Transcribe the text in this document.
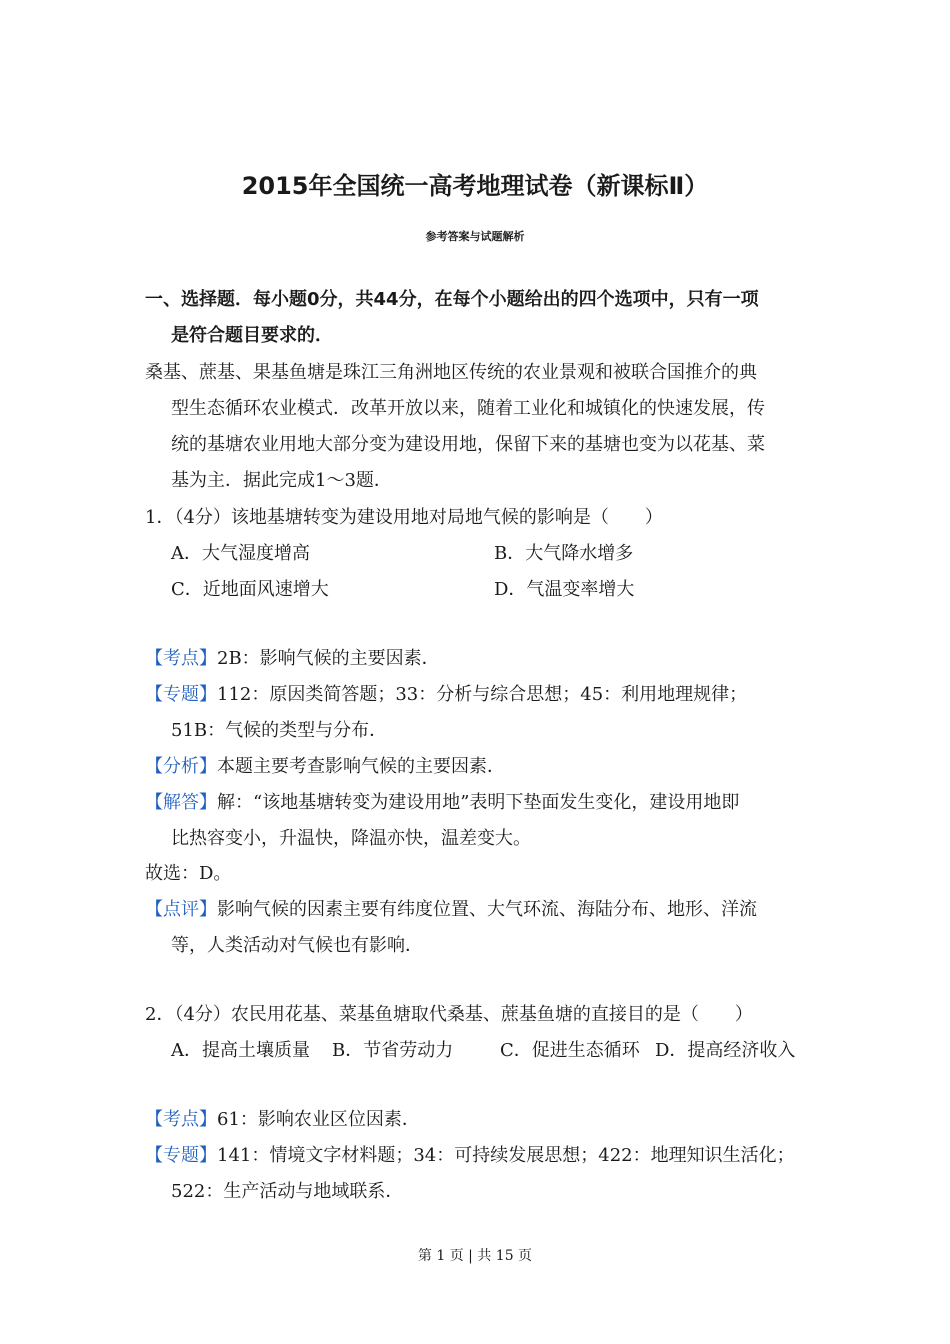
2015年全国统一高考地理试卷（新课标Ⅱ）
参考答案与试题解析
一、选择题．每小题0分，共44分，在每个小题给出的四个选项中，只有一项
是符合题目要求的．
桑基、蔗基、果基鱼塘是珠江三角洲地区传统的农业景观和被联合国推介的典
型生态循环农业模式．改革开放以来，随着工业化和城镇化的快速发展，传
统的基塘农业用地大部分变为建设用地，保留下来的基塘也变为以花基、菜
基为主．据此完成1～3题．
1．（4分）该地基塘转变为建设用地对局地气候的影响是（　　）
A．大气湿度增高	B．大气降水增多
C．近地面风速增大	D．气温变率增大
【考点】2B：影响气候的主要因素．
【专题】112：原因类简答题；33：分析与综合思想；45：利用地理规律；
51B：气候的类型与分布．
【分析】本题主要考查影响气候的主要因素．
【解答】解：“该地基塘转变为建设用地”表明下垫面发生变化，建设用地即
比热容变小，升温快，降温亦快，温差变大。
故选：D。
【点评】影响气候的因素主要有纬度位置、大气环流、海陆分布、地形、洋流
等，人类活动对气候也有影响．
2．（4分）农民用花基、菜基鱼塘取代桑基、蔗基鱼塘的直接目的是（　　）
A．提高土壤质量 B．节省劳动力	C．促进生态循环 D．提高经济收入
【考点】61：影响农业区位因素．
【专题】141：情境文字材料题；34：可持续发展思想；422：地理知识生活化；
522：生产活动与地域联系．
第 1 页 | 共 15 页
